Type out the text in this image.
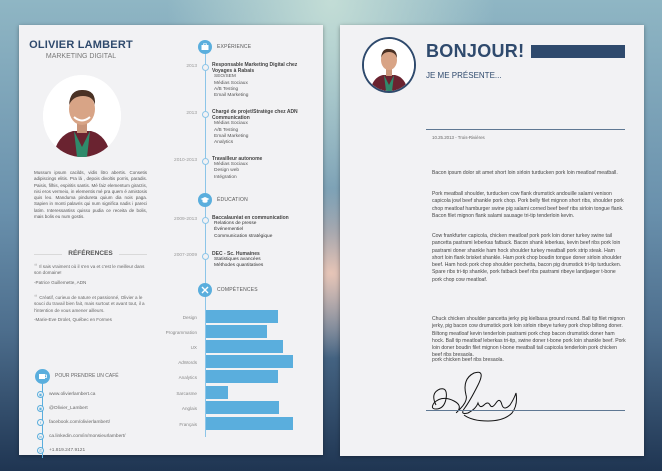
OLIVIER LAMBERT
MARKETING DIGITAL
Mussum ipsum cacilds, vidis litro abertis. Consetis adipiscings elitis. Pra lá , depois divoltis porris, paradis. Paisis, filhis, espiritis santis. Mé faiz elementum girarzis, nisi eros vermeio, in elementis mé pra quem é amistosis quis leo. Manduma pindureta quium dia nois paga. Sapien in monti palavris qui num significa nadis i pareci latim. Interessantiss quisso pudia ce receita de bolis, mais bolis eu num gostis.
RÉFÉRENCES
❝ Il sais vraiment où il s'en va et c'est le meilleur dans son domaine!
-Patrice Guillemette, ADN
❝ Créatif, curieux de nature et passionné, Olivier a le souci du travail bien fait, mais surtout et avant tout, il a l'intention de vous amener ailleurs.
-Marie-Eve Drolet, Québec en Formes
POUR PRENDRE UN CAFÉ
◉	www.olivierlambert.ca
◉	@Olivier_Lambert
f	facebook.com/olivierlambert/
in	ca.linkedin.com/in/monsieurlambert/
✆	+1.819.247.9121
EXPÉRIENCE
2013	Responsable Marketing Digital chez Voyages à Rabais
SEO/SEM
Médias Sociaux
A/B Testing
Email Marketing
2013	Chargé de projet/Stratège chez ADN Communication
Médias Sociaux
A/B Testing
Email Marketing
Analytics
2010-2013	Travailleur autonome
Médias Sociaux
Design web
Intégration
ÉDUCATION
2009-2013	Baccalauréat en communication
Relations de presse
Événementiel
Communication stratégique
2007-2009	DEC - Sc. Humaines
Statistiques avancées
Méthodes quantitatives
COMPÉTENCES
Design
Programmation
UX
AdWords
Analytics
Sarcasme
Anglais
Français
BONJOUR!
JE ME PRÉSENTE...
10.25.2013 - Trois-Rivières
Bacon ipsum dolor sit amet short loin sirloin turducken pork loin meatloaf meatball.
Pork meatball shoulder, turducken cow flank drumstick andouille salami venison capicola jowl beef shankle pork chop. Pork belly filet mignon short ribs, shoulder pork chop meatloaf hamburger swine pig salami corned beef beef ribs sirloin tongue flank. Bacon filet mignon flank salami sausage tri-tip tenderloin kevin.
Cow frankfurter capicola, chicken meatloaf pork pork loin doner turkey swine tail pancetta pastrami leberkas fatback. Bacon shank leberkas, kevin beef ribs pork loin pastrami doner shankle ham hock shoulder turkey meatball pork strip steak. Ham short loin flank brisket shankle. Ham pork chop boudin tongue doner sirloin shoulder beef. Ham hock pork chop shoulder porchetta, bacon pig drumstick tri-tip turducken. Spare ribs tri-tip shankle, pork fatback beef ribs pastrami ribeye landjaeger t-bone pork chop cow meatloaf.
Chuck chicken shoulder pancetta jerky pig kielbasa ground round. Ball tip filet mignon jerky, pig bacon cow drumstick pork loin sirloin ribeye turkey pork chop biltong doner. Biltong meatloaf kevin tenderloin pastrami pork chop bacon drumstick doner ham hock. Ball tip meatloaf leberkas tri-tip, swine doner t-bone pork loin shankle beef. Pork loin doner boudin filet mignon t-bone meatball tail capicola tenderloin pork chicken beef ribs bresaola.
pork chicken beef ribs bresaola.
